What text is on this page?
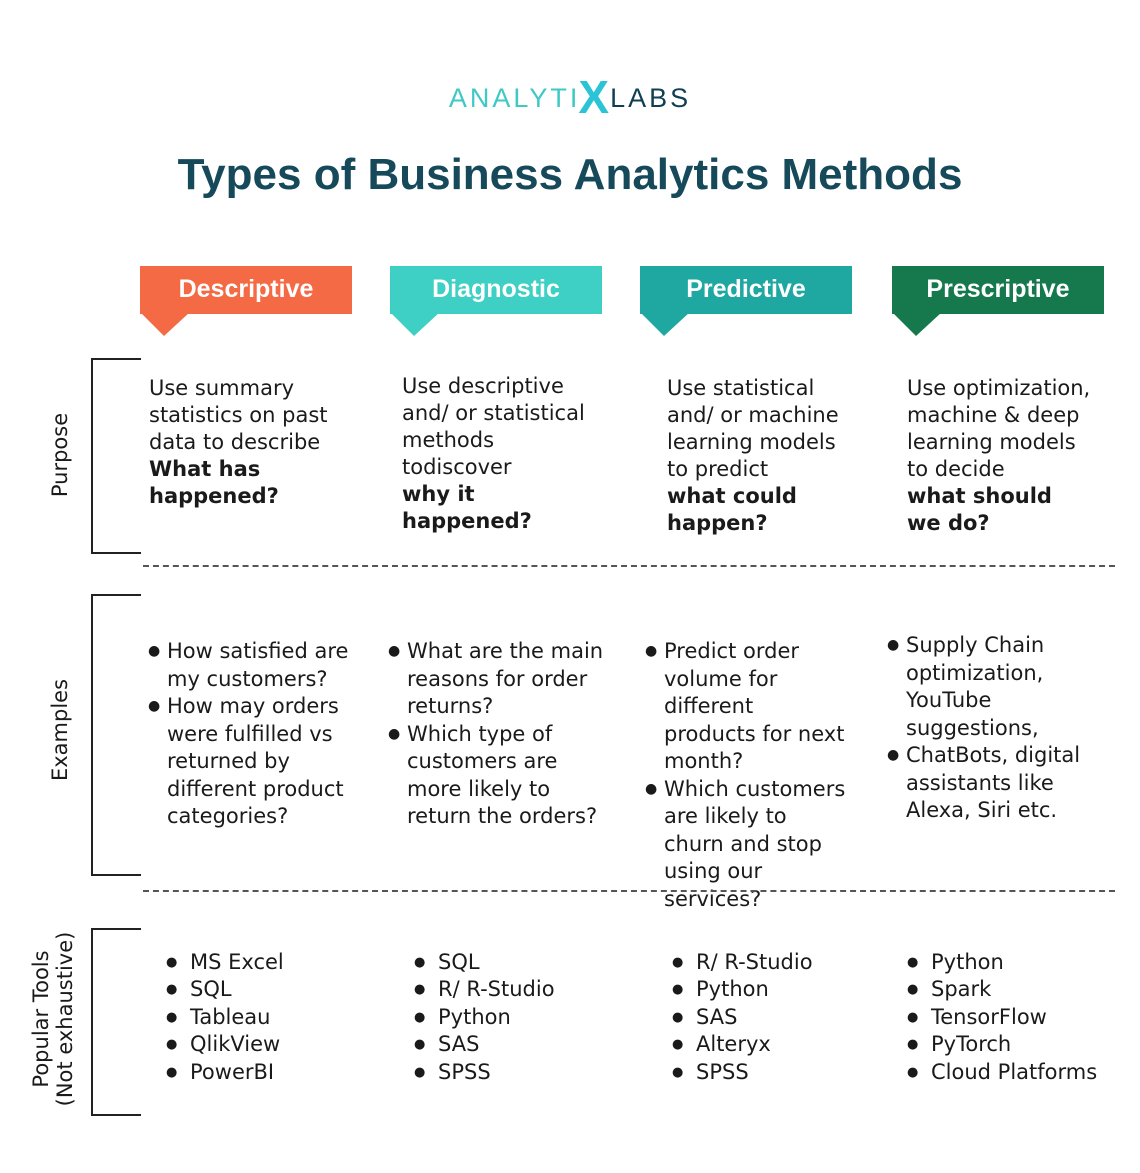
ANALYTIXLABS
Types of Business Analytics Methods
Descriptive	Diagnostic	Predictive	Prescriptive
Purpose
Use summary statistics on past data to describe
What has happened?
Use descriptive and/ or statistical methods todiscover
why it happened?
Use statistical and/ or machine learning models to predict
what could happen?
Use optimization, machine & deep learning models to decide
what should we do?
Examples
● How satisfied are my customers?
● How may orders were fulfilled vs returned by different product categories?
● What are the main reasons for order returns?
● Which type of customers are more likely to return the orders?
● Predict order volume for different products for next month?
● Which customers are likely to churn and stop using our services?
● Supply Chain optimization, YouTube suggestions,
● ChatBots, digital assistants like Alexa, Siri etc.
Popular Tools (Not exhaustive)
●	MS Excel
● SQL
● Tableau
● QlikView
● PowerBI
● SQL
● R/ R-Studio
● Python
● SAS
● SPSS
● R/ R-Studio
● Python
● SAS
● Alteryx
● SPSS
● Python
● Spark
● TensorFlow
● PyTorch
● Cloud Platforms
